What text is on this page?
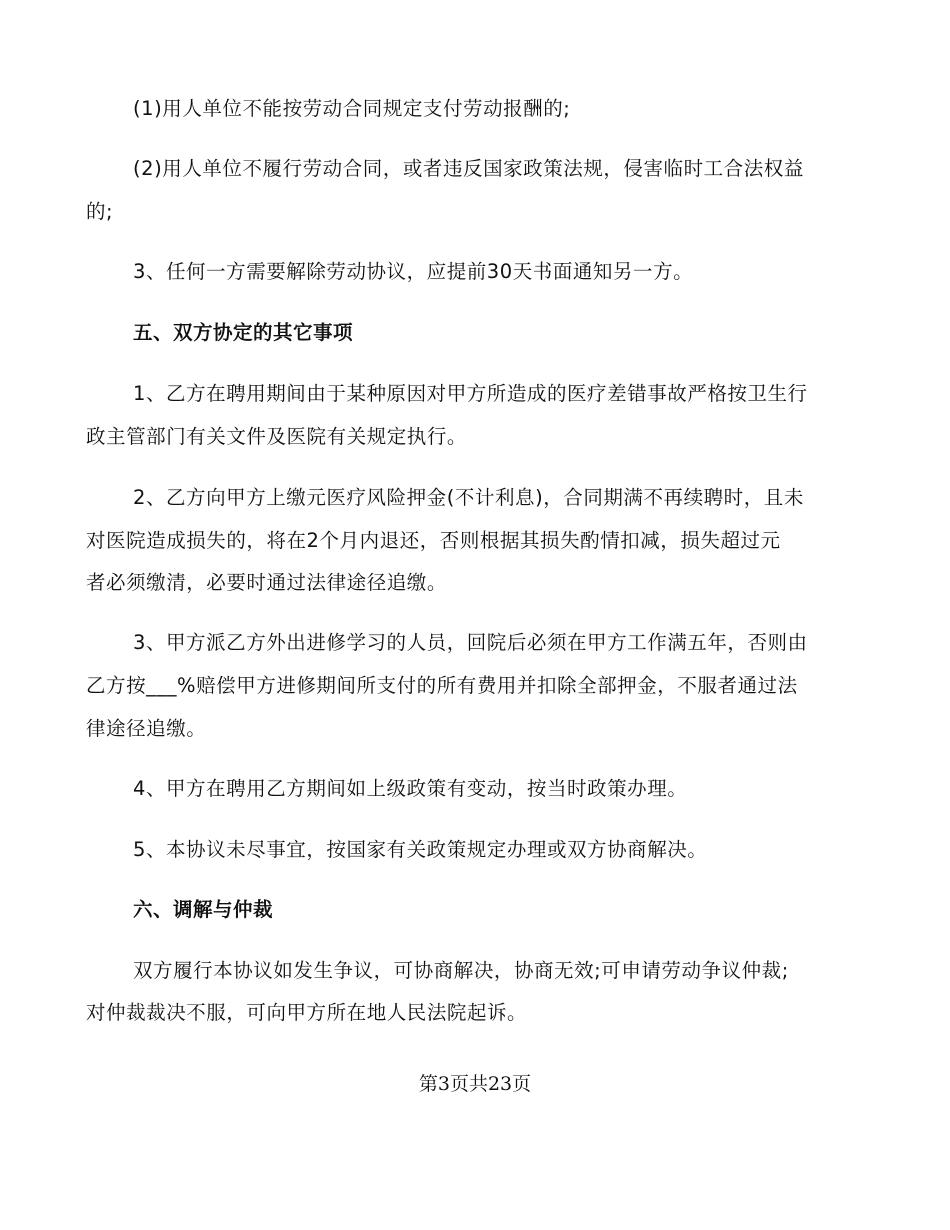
(1)用人单位不能按劳动合同规定支付劳动报酬的;
(2)用人单位不履行劳动合同，或者违反国家政策法规，侵害临时工合法权益
的;
3、任何一方需要解除劳动协议，应提前30天书面通知另一方。
五、双方协定的其它事项
1、乙方在聘用期间由于某种原因对甲方所造成的医疗差错事故严格按卫生行
政主管部门有关文件及医院有关规定执行。
2、乙方向甲方上缴元医疗风险押金(不计利息)，合同期满不再续聘时，且未
对医院造成损失的，将在2个月内退还，否则根据其损失酌情扣减，损失超过元
者必须缴清，必要时通过法律途径追缴。
3、甲方派乙方外出进修学习的人员，回院后必须在甲方工作满五年，否则由
乙方按___%赔偿甲方进修期间所支付的所有费用并扣除全部押金，不服者通过法
律途径追缴。
4、甲方在聘用乙方期间如上级政策有变动，按当时政策办理。
5、本协议未尽事宜，按国家有关政策规定办理或双方协商解决。
六、调解与仲裁
双方履行本协议如发生争议，可协商解决，协商无效;可申请劳动争议仲裁;
对仲裁裁决不服，可向甲方所在地人民法院起诉。
第3页共23页
